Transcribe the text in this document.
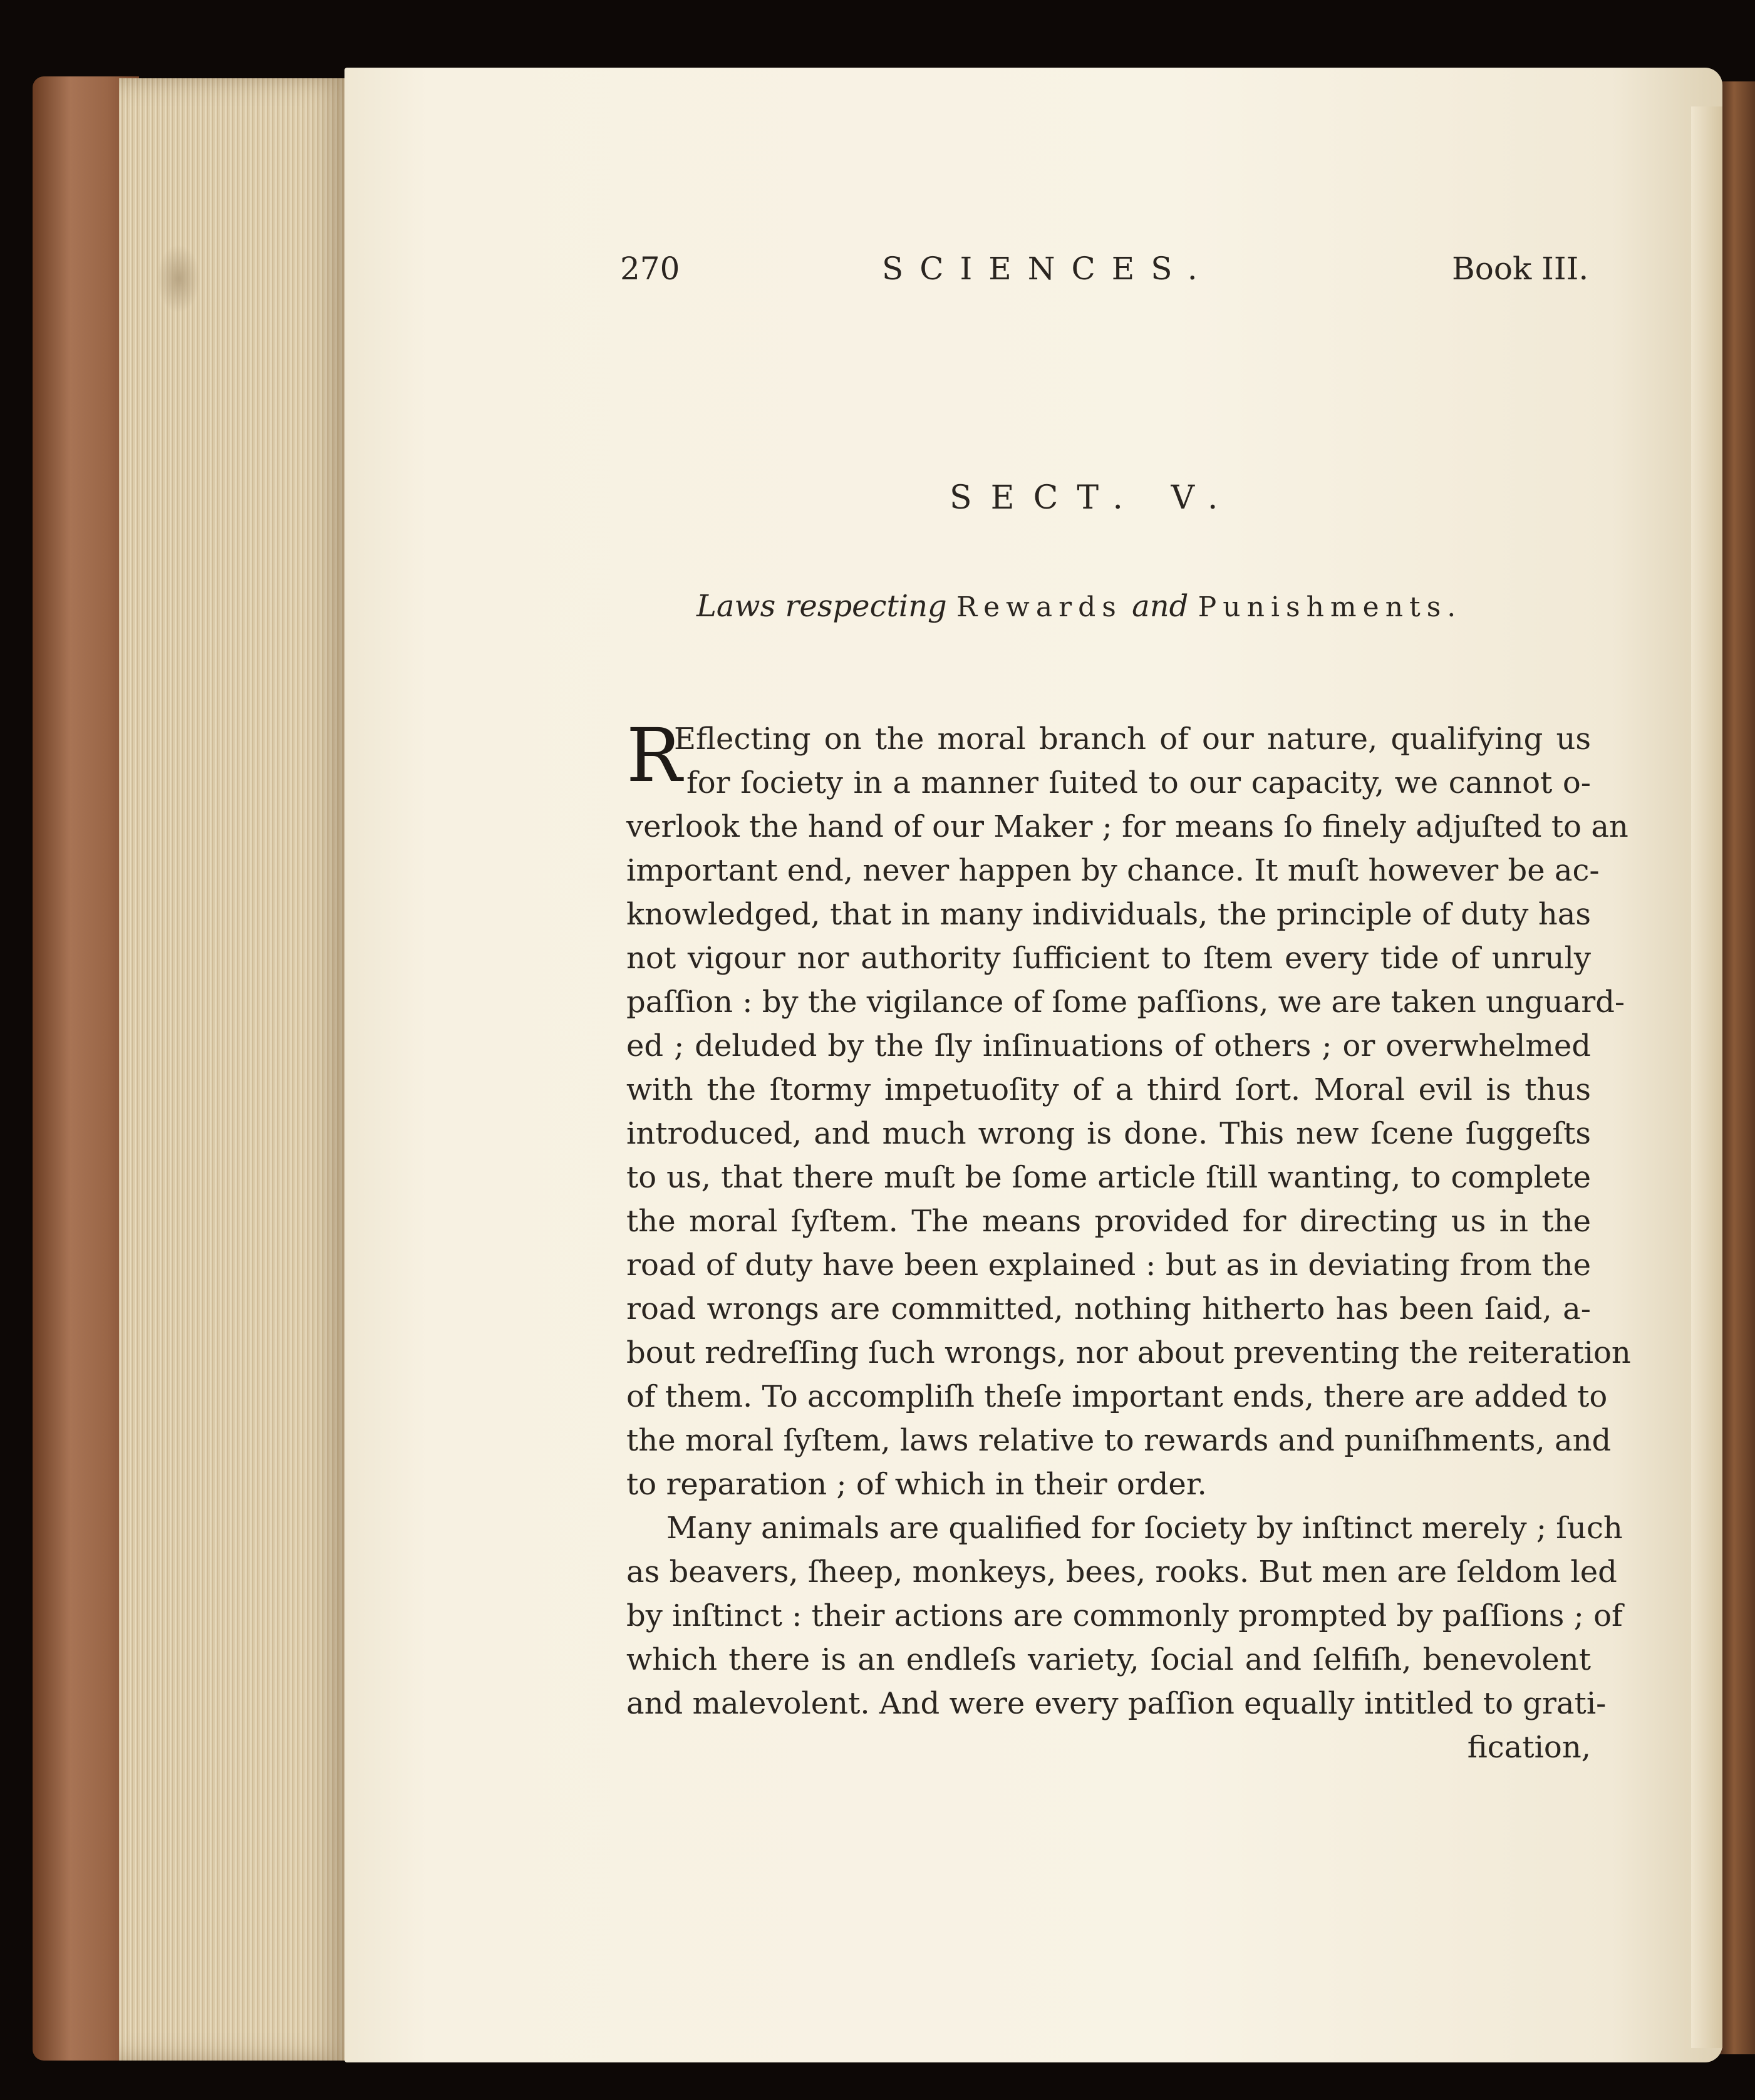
270	SCIENCES.	Book III.
SECT. V.
Laws respecting Rewards and Punishments.
R
Eflecting on the moral branch of our nature, qualifying us
for ſociety in a manner ſuited to our capacity, we cannot o-
verlook the hand of our Maker ; for means ſo finely adjuſted to an
important end, never happen by chance. It muſt however be ac-
knowledged, that in many individuals, the principle of duty has
not vigour nor authority ſufficient to ſtem every tide of unruly
paſſion : by the vigilance of ſome paſſions, we are taken unguard-
ed ; deluded by the ſly inſinuations of others ; or overwhelmed
with the ſtormy impetuoſity of a third ſort. Moral evil is thus
introduced, and much wrong is done. This new ſcene ſuggeſts
to us, that there muſt be ſome article ſtill wanting, to complete
the moral ſyſtem. The means provided for directing us in the
road of duty have been explained : but as in deviating from the
road wrongs are committed, nothing hitherto has been ſaid, a-
bout redreſſing ſuch wrongs, nor about preventing the reiteration
of them. To accompliſh theſe important ends, there are added to
the moral ſyſtem, laws relative to rewards and puniſhments, and
to reparation ; of which in their order.
Many animals are qualified for ſociety by inſtinct merely ; ſuch
as beavers, ſheep, monkeys, bees, rooks. But men are ſeldom led
by inſtinct : their actions are commonly prompted by paſſions ; of
which there is an endleſs variety, ſocial and ſelfiſh, benevolent
and malevolent. And were every paſſion equally intitled to grati-
fication,
